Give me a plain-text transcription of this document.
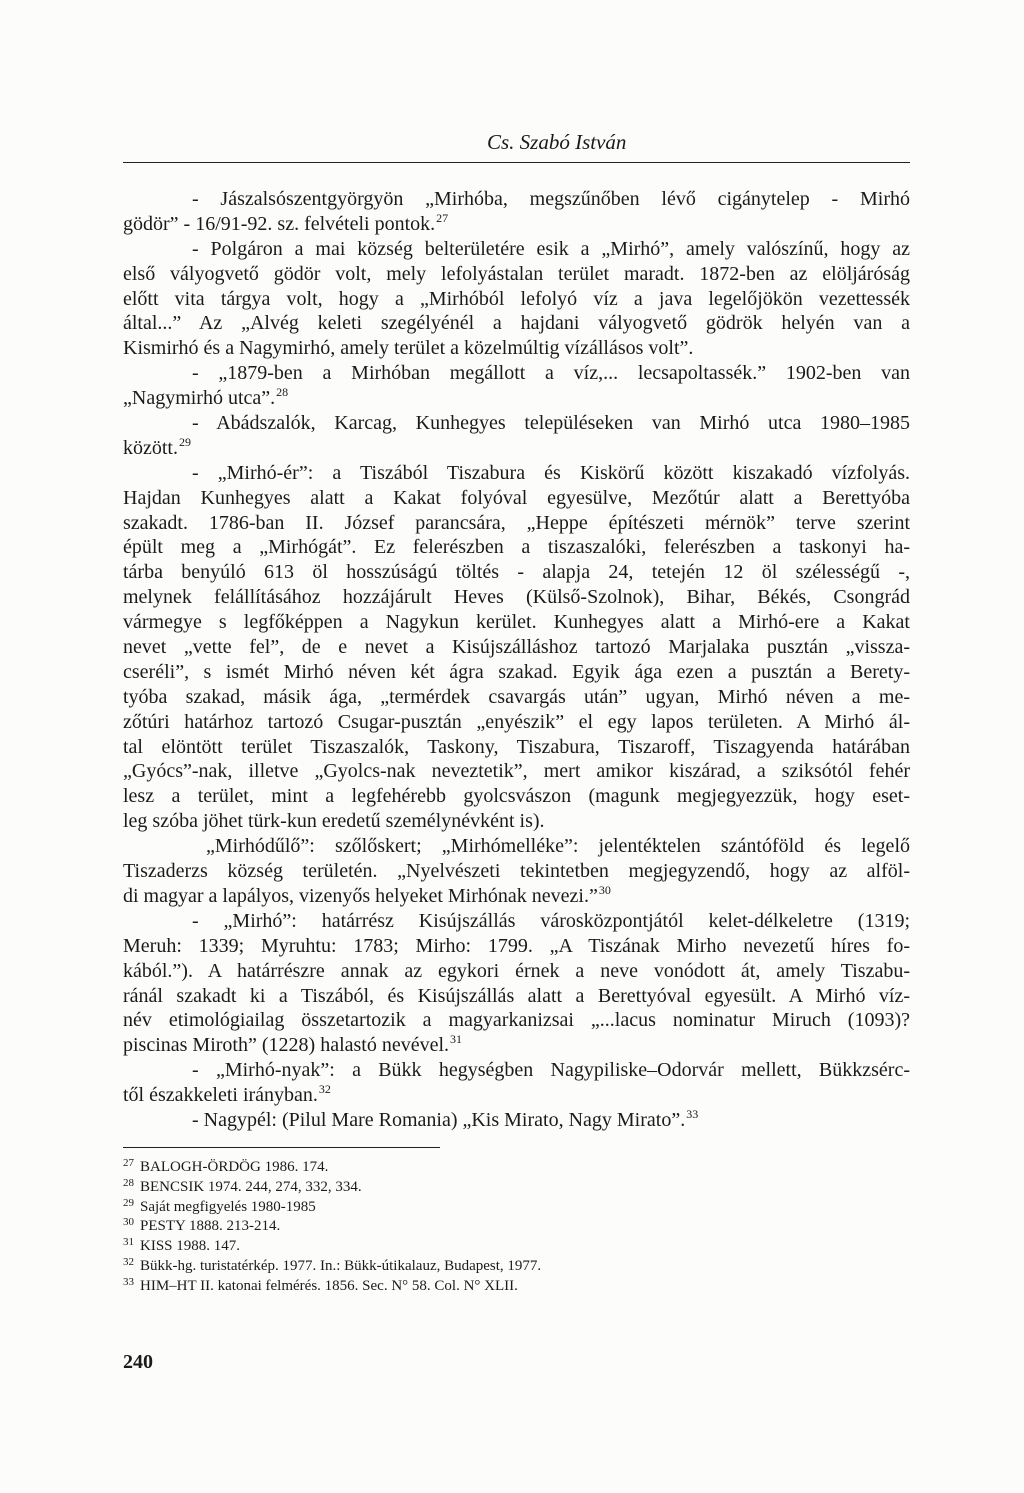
Cs. Szabó István
- Jászalsószentgyörgyön „Mirhóba, megszűnőben lévő cigánytelep - Mirhó
gödör” - 16/91-92. sz. felvételi pontok.$^{27}$
- Polgáron a mai község belterületére esik a „Mirhó”, amely valószínű, hogy az
első vályogvető gödör volt, mely lefolyástalan terület maradt. 1872-ben az elöljáróság
előtt vita tárgya volt, hogy a „Mirhóból lefolyó víz a java legelőjökön vezettessék
által...” Az „Alvég keleti szegélyénél a hajdani vályogvető gödrök helyén van a
Kismirhó és a Nagymirhó, amely terület a közelmúltig vízállásos volt”.
- „1879-ben a Mirhóban megállott a víz,... lecsapoltassék.” 1902-ben van
„Nagymirhó utca”.$^{28}$
- Abádszalók, Karcag, Kunhegyes településeken van Mirhó utca 1980–1985
között.$^{29}$
- „Mirhó-ér”: a Tiszából Tiszabura és Kiskörű között kiszakadó vízfolyás.
Hajdan Kunhegyes alatt a Kakat folyóval egyesülve, Mezőtúr alatt a Berettyóba
szakadt. 1786-ban II. József parancsára, „Heppe építészeti mérnök” terve szerint
épült meg a „Mirhógát”. Ez felerészben a tiszaszalóki, felerészben a taskonyi ha-
tárba benyúló 613 öl hosszúságú töltés - alapja 24, tetején 12 öl szélességű -,
melynek felállításához hozzájárult Heves (Külső-Szolnok), Bihar, Békés, Csongrád
vármegye s legfőképpen a Nagykun kerület. Kunhegyes alatt a Mirhó-ere a Kakat
nevet „vette fel”, de e nevet a Kisújszálláshoz tartozó Marjalaka pusztán „vissza-
cseréli”, s ismét Mirhó néven két ágra szakad. Egyik ága ezen a pusztán a Berety-
tyóba szakad, másik ága, „termérdek csavargás után” ugyan, Mirhó néven a me-
zőtúri határhoz tartozó Csugar-pusztán „enyészik” el egy lapos területen. A Mirhó ál-
tal elöntött terület Tiszaszalók, Taskony, Tiszabura, Tiszaroff, Tiszagyenda határában
„Gyócs”-nak, illetve „Gyolcs-nak neveztetik”, mert amikor kiszárad, a sziksótól fehér
lesz a terület, mint a legfehérebb gyolcsvászon (magunk megjegyezzük, hogy eset-
leg szóba jöhet türk-kun eredetű személynévként is).
„Mirhódűlő”: szőlőskert; „Mirhómelléke”: jelentéktelen szántóföld és legelő
Tiszaderzs község területén. „Nyelvészeti tekintetben megjegyzendő, hogy az alföl-
di magyar a lapályos, vizenyős helyeket Mirhónak nevezi.”$^{30}$
- „Mirhó”: határrész Kisújszállás városközpontjától kelet-délkeletre (1319;
Meruh: 1339; Myruhtu: 1783; Mirho: 1799. „A Tiszának Mirho nevezetű híres fo-
kából.”). A határrészre annak az egykori érnek a neve vonódott át, amely Tiszabu-
ránál szakadt ki a Tiszából, és Kisújszállás alatt a Berettyóval egyesült. A Mirhó víz-
név etimológiailag összetartozik a magyarkanizsai „...lacus nominatur Miruch (1093)?
piscinas Miroth” (1228) halastó nevével.$^{31}$
- „Mirhó-nyak”: a Bükk hegységben Nagypiliske–Odorvár mellett, Bükkzsérc-
től északkeleti irányban.$^{32}$
- Nagypél: (Pilul Mare Romania) „Kis Mirato, Nagy Mirato”.$^{33}$
27 BALOGH-ÖRDÖG 1986. 174.
28 BENCSIK 1974. 244, 274, 332, 334.
29 Saját megfigyelés 1980-1985
30 PESTY 1888. 213-214.
31 KISS 1988. 147.
32 Bükk-hg. turistatérkép. 1977. In.: Bükk-útikalauz, Budapest, 1977.
33 HIM–HT II. katonai felmérés. 1856. Sec. N° 58. Col. N° XLII.
240
